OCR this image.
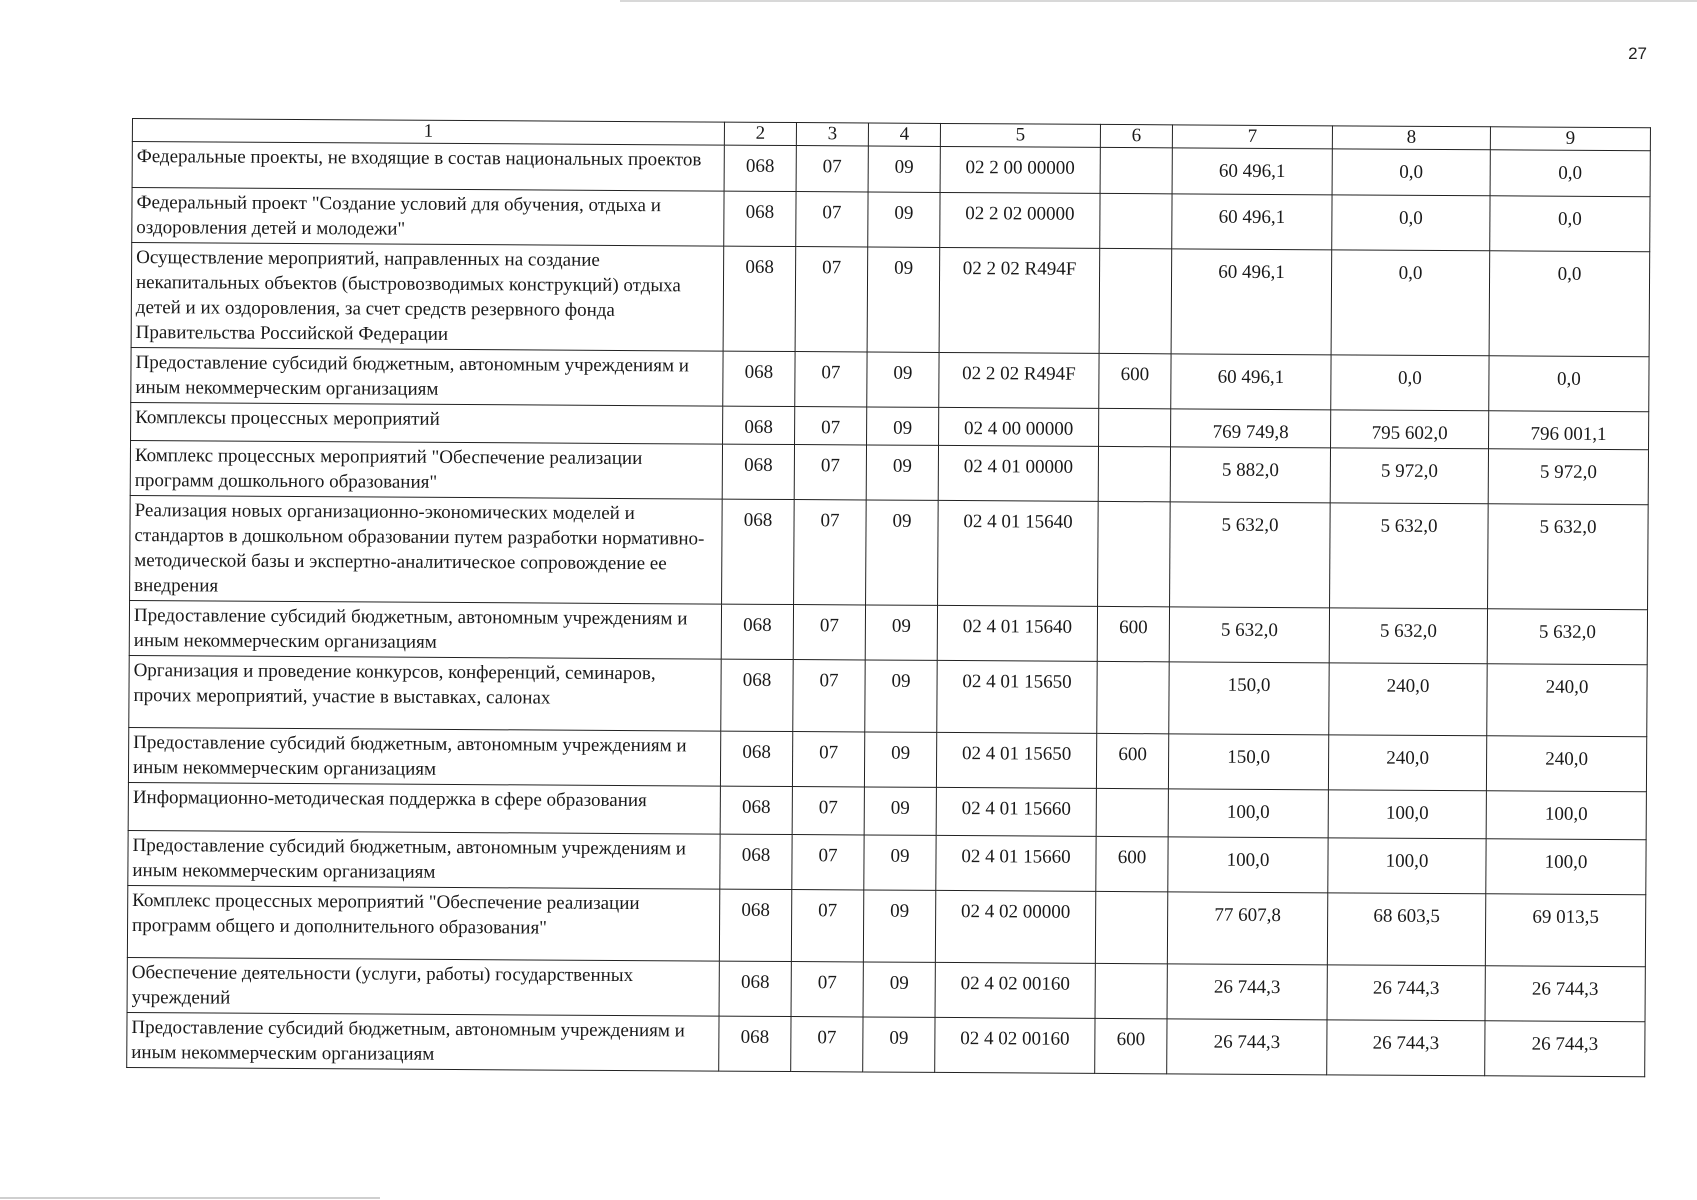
27
1	2	3	4	5	6	7	8	9
Федеральные проекты, не входящие в состав национальных проектов	068	07	09	02 2 00 00000		60 496,1	0,0	0,0
Федеральный проект "Создание условий для обучения, отдыха и оздоровления детей и молодежи"	068	07	09	02 2 02 00000		60 496,1	0,0	0,0
Осуществление мероприятий, направленных на создание некапитальных объектов (быстровозводимых конструкций) отдыха детей и их оздоровления, за счет средств резервного фонда Правительства Российской Федерации	068	07	09	02 2 02 R494F		60 496,1	0,0	0,0
Предоставление субсидий бюджетным, автономным учреждениям и иным некоммерческим организациям	068	07	09	02 2 02 R494F	600	60 496,1	0,0	0,0
Комплексы процессных мероприятий	068	07	09	02 4 00 00000		769 749,8	795 602,0	796 001,1
Комплекс процессных мероприятий "Обеспечение реализации программ дошкольного образования"	068	07	09	02 4 01 00000		5 882,0	5 972,0	5 972,0
Реализация новых организационно-экономических моделей и стандартов в дошкольном образовании путем разработки нормативно-методической базы и экспертно-аналитическое сопровождение ее внедрения	068	07	09	02 4 01 15640		5 632,0	5 632,0	5 632,0
Предоставление субсидий бюджетным, автономным учреждениям и иным некоммерческим организациям	068	07	09	02 4 01 15640	600	5 632,0	5 632,0	5 632,0
Организация и проведение конкурсов, конференций, семинаров, прочих мероприятий, участие в выставках, салонах	068	07	09	02 4 01 15650		150,0	240,0	240,0
Предоставление субсидий бюджетным, автономным учреждениям и иным некоммерческим организациям	068	07	09	02 4 01 15650	600	150,0	240,0	240,0
Информационно-методическая поддержка в сфере образования	068	07	09	02 4 01 15660		100,0	100,0	100,0
Предоставление субсидий бюджетным, автономным учреждениям и иным некоммерческим организациям	068	07	09	02 4 01 15660	600	100,0	100,0	100,0
Комплекс процессных мероприятий "Обеспечение реализации программ общего и дополнительного образования"	068	07	09	02 4 02 00000		77 607,8	68 603,5	69 013,5
Обеспечение деятельности (услуги, работы) государственных учреждений	068	07	09	02 4 02 00160		26 744,3	26 744,3	26 744,3
Предоставление субсидий бюджетным, автономным учреждениям и иным некоммерческим организациям	068	07	09	02 4 02 00160	600	26 744,3	26 744,3	26 744,3
